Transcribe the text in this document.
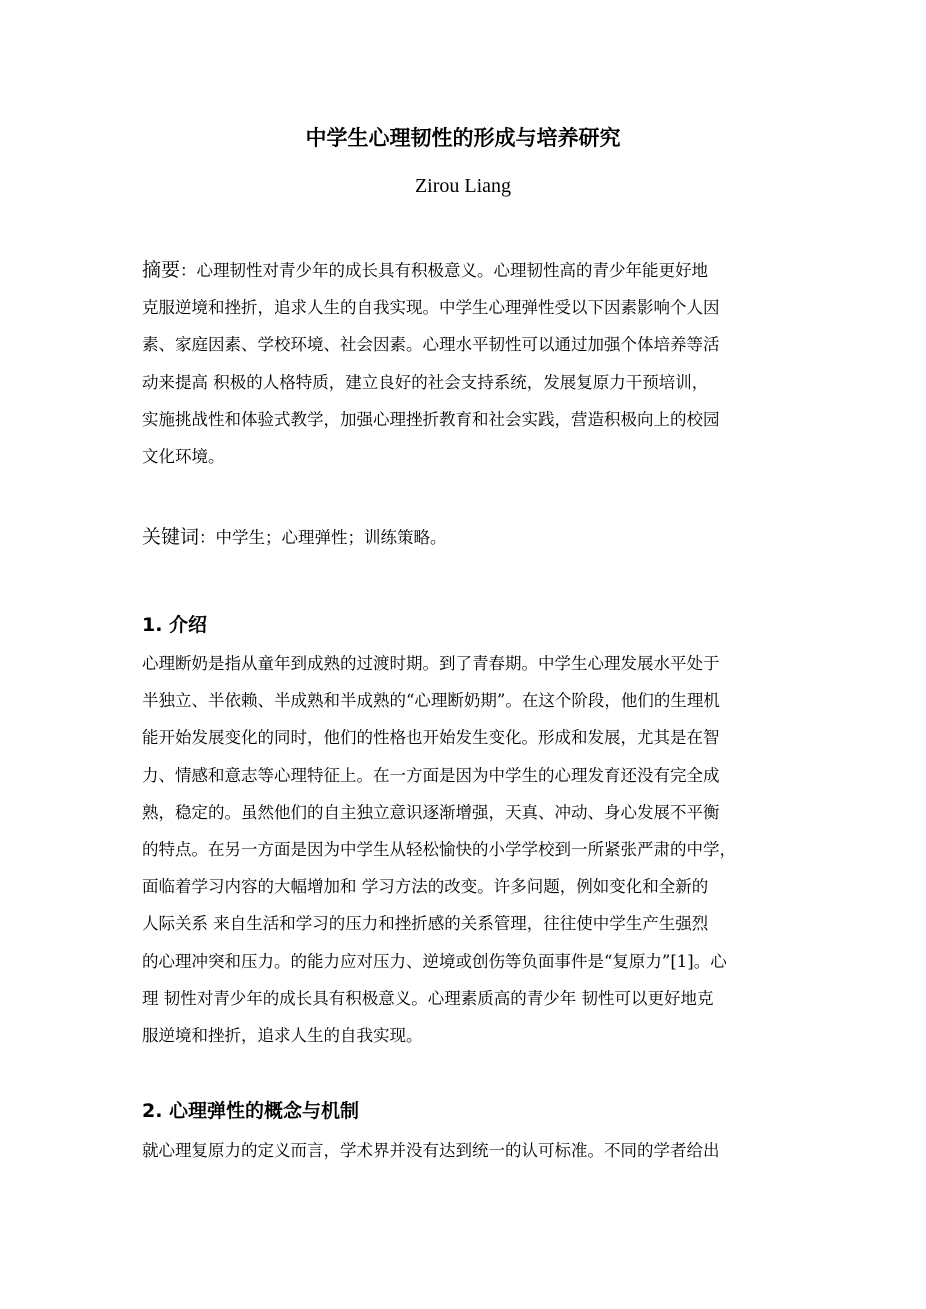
中学生心理韧性的形成与培养研究
Zirou Liang
摘要：心理韧性对青少年的成长具有积极意义。心理韧性高的青少年能更好地
克服逆境和挫折，追求人生的自我实现。中学生心理弹性受以下因素影响个人因
素、家庭因素、学校环境、社会因素。心理水平韧性可以通过加强个体培养等活
动来提高 积极的人格特质，建立良好的社会支持系统，发展复原力干预培训，
实施挑战性和体验式教学，加强心理挫折教育和社会实践，营造积极向上的校园
文化环境。
关键词：中学生；心理弹性；训练策略。
1. 介绍
心理断奶是指从童年到成熟的过渡时期。到了青春期。中学生心理发展水平处于
半独立、半依赖、半成熟和半成熟的“心理断奶期”。在这个阶段，他们的生理机
能开始发展变化的同时，他们的性格也开始发生变化。形成和发展，尤其是在智
力、情感和意志等心理特征上。在一方面是因为中学生的心理发育还没有完全成
熟，稳定的。虽然他们的自主独立意识逐渐增强，天真、冲动、身心发展不平衡
的特点。在另一方面是因为中学生从轻松愉快的小学学校到一所紧张严肃的中学，
面临着学习内容的大幅增加和 学习方法的改变。许多问题，例如变化和全新的
人际关系 来自生活和学习的压力和挫折感的关系管理，往往使中学生产生强烈
的心理冲突和压力。的能力应对压力、逆境或创伤等负面事件是“复原力”[1]。心
理 韧性对青少年的成长具有积极意义。心理素质高的青少年 韧性可以更好地克
服逆境和挫折，追求人生的自我实现。
2. 心理弹性的概念与机制
就心理复原力的定义而言，学术界并没有达到统一的认可标准。不同的学者给出
